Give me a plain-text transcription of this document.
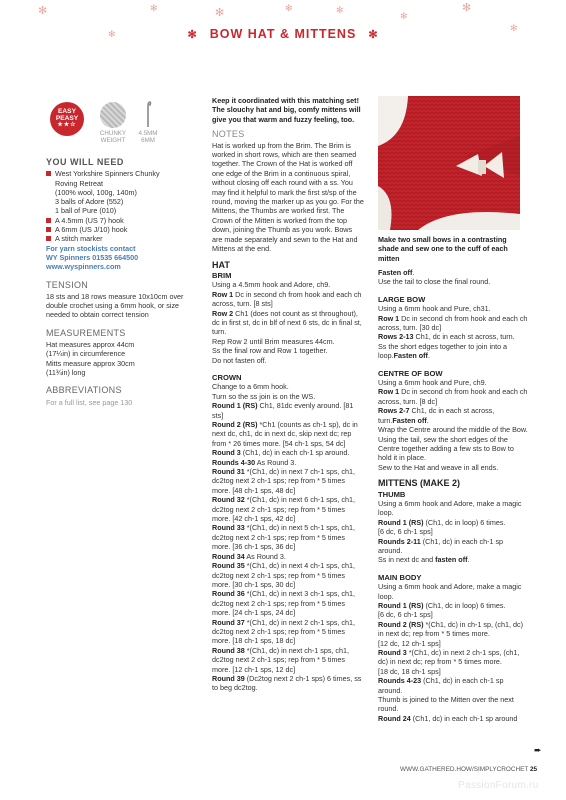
✻
✻
✻	✻	✻	✻
✻
✻
✻
✻ BOW HAT & MITTENS ✻
EASY
PEASY
★★☆
CHUNKY
WEIGHT
4.5MM
6MM
YOU WILL NEED
West Yorkshire Spinners Chunky
Roving Retreat
(100% wool, 100g, 140m)
3 balls of Adore (552)
1 ball of Pure (010)
A 4.5mm (US 7) hook
A 6mm (US J/10) hook
A stitch marker
For yarn stockists contact
WY Spinners 01535 664500
www.wyspinners.com
TENSION
18 sts and 18 rows measure 10x10cm over double crochet using a 6mm hook, or size needed to obtain correct tension
MEASUREMENTS
Hat measures approx 44cm
(17¼in) in circumference
Mitts measure approx 30cm
(11¾in) long
ABBREVIATIONS
For a full list, see page 130

Keep it coordinated with this matching set! The slouchy hat and big, comfy mittens will give you that warm and fuzzy feeling, too.

NOTES

Hat is worked up from the Brim. The Brim is worked in short rows, which are then seamed together. The Crown of the Hat is worked off one edge of the Brim in a continuous spiral, without closing off each round with a ss. You may find it helpful to mark the first st/sp of the round, moving the marker up as you go. For the Mittens, the Thumbs are worked first. The Crown of the Mitten is worked from the top down, joining the Thumb as you work. Bows are made separately and sewn to the Hat and Mittens at the end.

HAT
BRIM

Using a 4.5mm hook and Adore, ch9.

Row 1 Dc in second ch from hook and each ch across, turn. [8 sts]

Row 2 Ch1 (does not count as st throughout), dc in first st, dc in blf of next 6 sts, dc in final st, turn.

Rep Row 2 until Brim measures 44cm.

Ss the final row and Row 1 together.

Do not fasten off.

CROWN

Change to a 6mm hook.

Turn so the ss join is on the WS.

Round 1 (RS) Ch1, 81dc evenly around. [81 sts]

Round 2 (RS) *Ch1 (counts as ch-1 sp), dc in next dc, ch1, dc in next dc, skip next dc; rep from * 26 times more. [54 ch-1 sps, 54 dc]

Round 3 (Ch1, dc) in each ch-1 sp around.

Rounds 4-30 As Round 3.

Round 31 *(Ch1, dc) in next 7 ch-1 sps, ch1, dc2tog next 2 ch-1 sps; rep from * 5 times more. [48 ch-1 sps, 48 dc]

Round 32 *(Ch1, dc) in next 6 ch-1 sps, ch1, dc2tog next 2 ch-1 sps; rep from * 5 times more. [42 ch-1 sps, 42 dc]

Round 33 *(Ch1, dc) in next 5 ch-1 sps, ch1, dc2tog next 2 ch-1 sps; rep from * 5 times more. [36 ch-1 sps, 36 dc]

Round 34 As Round 3.

Round 35 *(Ch1, dc) in next 4 ch-1 sps, ch1, dc2tog next 2 ch-1 sps; rep from * 5 times more. [30 ch-1 sps, 30 dc]

Round 36 *(Ch1, dc) in next 3 ch-1 sps, ch1, dc2tog next 2 ch-1 sps; rep from * 5 times more. [24 ch-1 sps, 24 dc]

Round 37 *(Ch1, dc) in next 2 ch-1 sps, ch1, dc2tog next 2 ch-1 sps; rep from * 5 times more. [18 ch-1 sps, 18 dc]

Round 38 *(Ch1, dc) in next ch-1 sps, ch1, dc2tog next 2 ch-1 sps; rep from * 5 times more. [12 ch-1 sps, 12 dc]

Round 39 (Dc2tog next 2 ch-1 sps) 6 times, ss to beg dc2tog.

Make two small bows in a contrasting shade and sew one to the cuff of each mitten

Fasten off.

Use the tail to close the final round.

LARGE BOW

Using a 6mm hook and Pure, ch31.

Row 1 Dc in second ch from hook and each ch across, turn. [30 dc]

Rows 2-13 Ch1, dc in each st across, turn.

Ss the short edges together to join into a loop.Fasten off.

CENTRE OF BOW

Using a 6mm hook and Pure, ch9.

Row 1 Dc in second ch from hook and each ch across, turn. [8 dc]

Rows 2-7 Ch1, dc in each st across, turn.Fasten off.

Wrap the Centre around the middle of the Bow. Using the tail, sew the short edges of the Centre together adding a few sts to Bow to hold it in place.

Sew to the Hat and weave in all ends.

MITTENS (MAKE 2)
THUMB

Using a 6mm hook and Adore, make a magic loop.

Round 1 (RS) (Ch1, dc in loop) 6 times.

[6 dc, 6 ch-1 sps]

Rounds 2-11 (Ch1, dc) in each ch-1 sp around.

Ss in next dc and fasten off.

MAIN BODY

Using a 6mm hook and Adore, make a magic loop.

Round 1 (RS) (Ch1, dc in loop) 6 times.

[6 dc, 6 ch-1 sps]

Round 2 (RS) *(Ch1, dc) in ch-1 sp, (ch1, dc) in next dc; rep from * 5 times more.

[12 dc, 12 ch-1 sps]

Round 3 *(Ch1, dc) in next 2 ch-1 sps, (ch1, dc) in next dc; rep from * 5 times more.

[18 dc, 18 ch-1 sps]

Rounds 4-23 (Ch1, dc) in each ch-1 sp around.

Thumb is joined to the Mitten over the next round.

Round 24 (Ch1, dc) in each ch-1 sp around

➨
WWW.GATHERED.HOW/SIMPLYCROCHET 25
PassionForum.ru
